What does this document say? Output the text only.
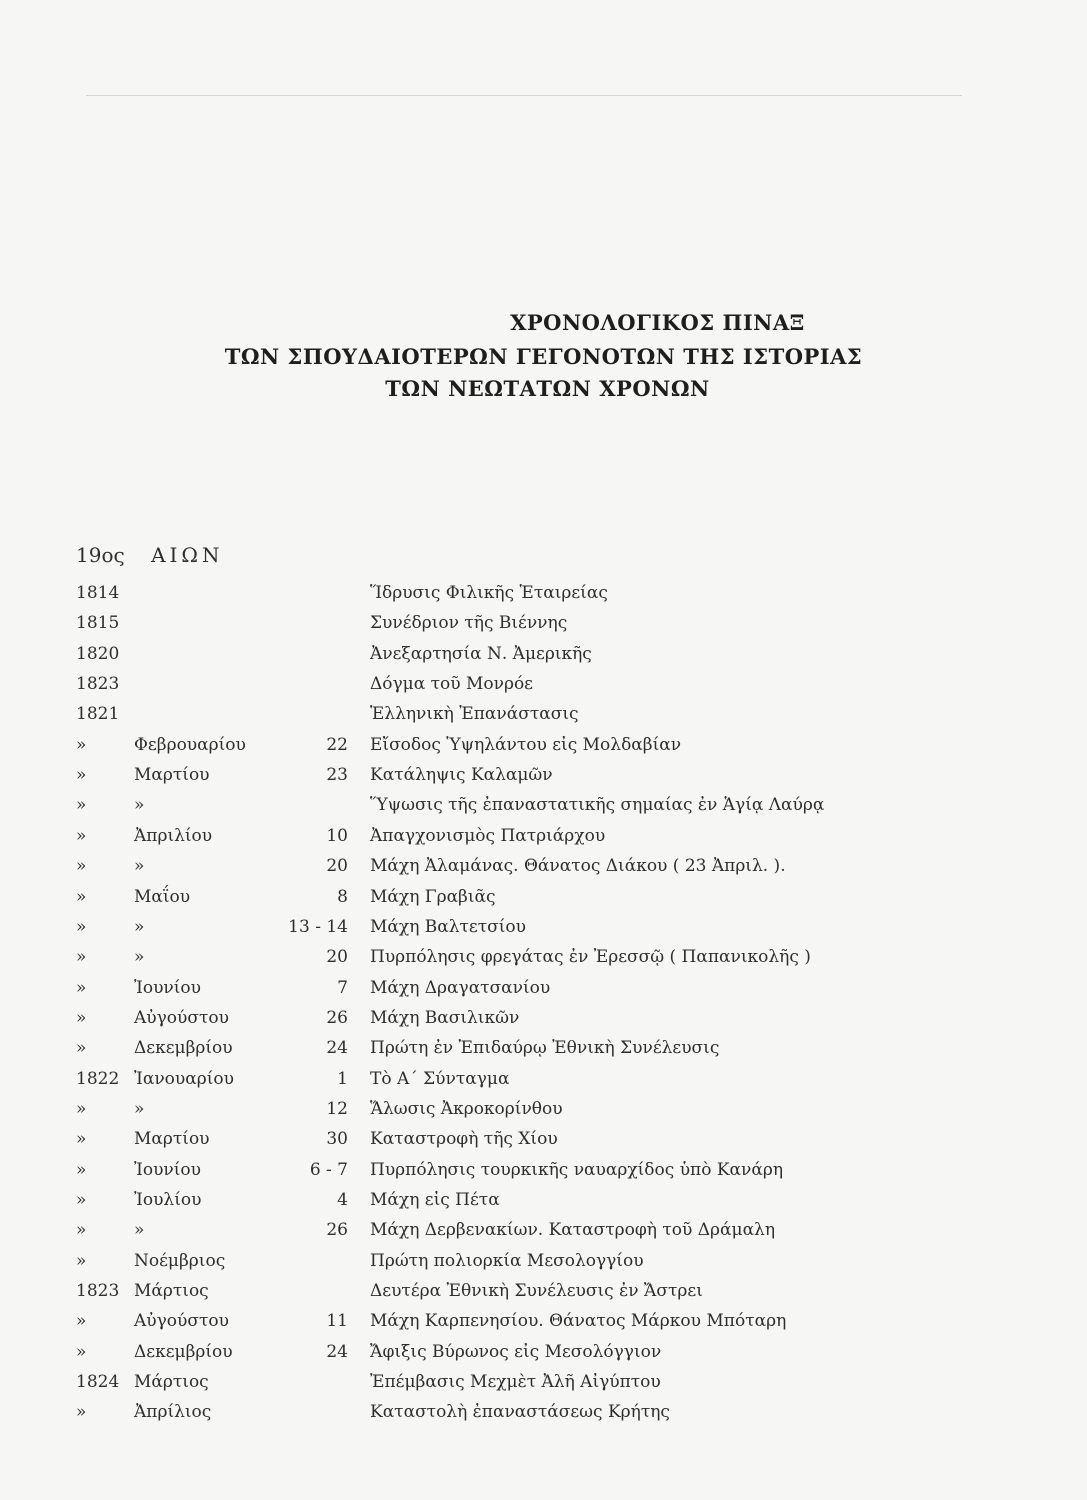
ΧΡΟΝΟΛΟΓΙΚΟΣ ΠΙΝΑΞ
ΤΩΝ ΣΠΟΥΔΑΙΟΤΕΡΩΝ ΓΕΓΟΝΟΤΩΝ ΤΗΣ ΙΣΤΟΡΙΑΣ
ΤΩΝ ΝΕΩΤΑΤΩΝ ΧΡΟΝΩΝ
19ος ΑΙΩΝ
1814	Ἵδρυσις Φιλικῆς Ἑταιρείας
1815	Συνέδριον τῆς Βιέννης
1820	Ἀνεξαρτησία Ν. Ἀμερικῆς
1823	Δόγμα τοῦ Μονρόε
1821	Ἑλληνικὴ Ἐπανάστασις
»	Φεβρουαρίου	22 Εἴσοδος Ὑψηλάντου εἰς Μολδαβίαν
»	Μαρτίου	23 Κατάληψις Καλαμῶν
»	»	Ὕψωσις τῆς ἐπαναστατικῆς σημαίας ἐν Ἁγίᾳ Λαύρᾳ
»	Ἀπριλίου	10 Ἀπαγχονισμὸς Πατριάρχου
»	»	20 Μάχη Ἀλαμάνας. Θάνατος Διάκου ( 23 Ἀπριλ. ).
»	Μαΐου	8 Μάχη Γραβιᾶς
»	»	13 - 14 Μάχη Βαλτετσίου
»	»	20 Πυρπόλησις φρεγάτας ἐν Ἐρεσσῷ ( Παπανικολῆς )
»	Ἰουνίου	7 Μάχη Δραγατσανίου
»	Αὐγούστου	26 Μάχη Βασιλικῶν
»	Δεκεμβρίου	24 Πρώτη ἐν Ἐπιδαύρῳ Ἐθνικὴ Συνέλευσις
1822 Ἰανουαρίου	1 Τὸ Α΄ Σύνταγμα
»	»	12 Ἅλωσις Ἀκροκορίνθου
»	Μαρτίου	30 Καταστροφὴ τῆς Χίου
»	Ἰουνίου	6 - 7 Πυρπόλησις τουρκικῆς ναυαρχίδος ὑπὸ Κανάρη
»	Ἰουλίου	4 Μάχη εἰς Πέτα
»	»	26 Μάχη Δερβενακίων. Καταστροφὴ τοῦ Δράμαλη
»	Νοέμβριος	Πρώτη πολιορκία Μεσολογγίου
1823 Μάρτιος	Δευτέρα Ἐθνικὴ Συνέλευσις ἐν Ἄστρει
»	Αὐγούστου	11 Μάχη Καρπενησίου. Θάνατος Μάρκου Μπόταρη
»	Δεκεμβρίου	24 Ἄφιξις Βύρωνος εἰς Μεσολόγγιον
1824 Μάρτιος	Ἐπέμβασις Μεχμὲτ Ἀλῆ Αἰγύπτου
»	Ἀπρίλιος	Καταστολὴ ἐπαναστάσεως Κρήτης
